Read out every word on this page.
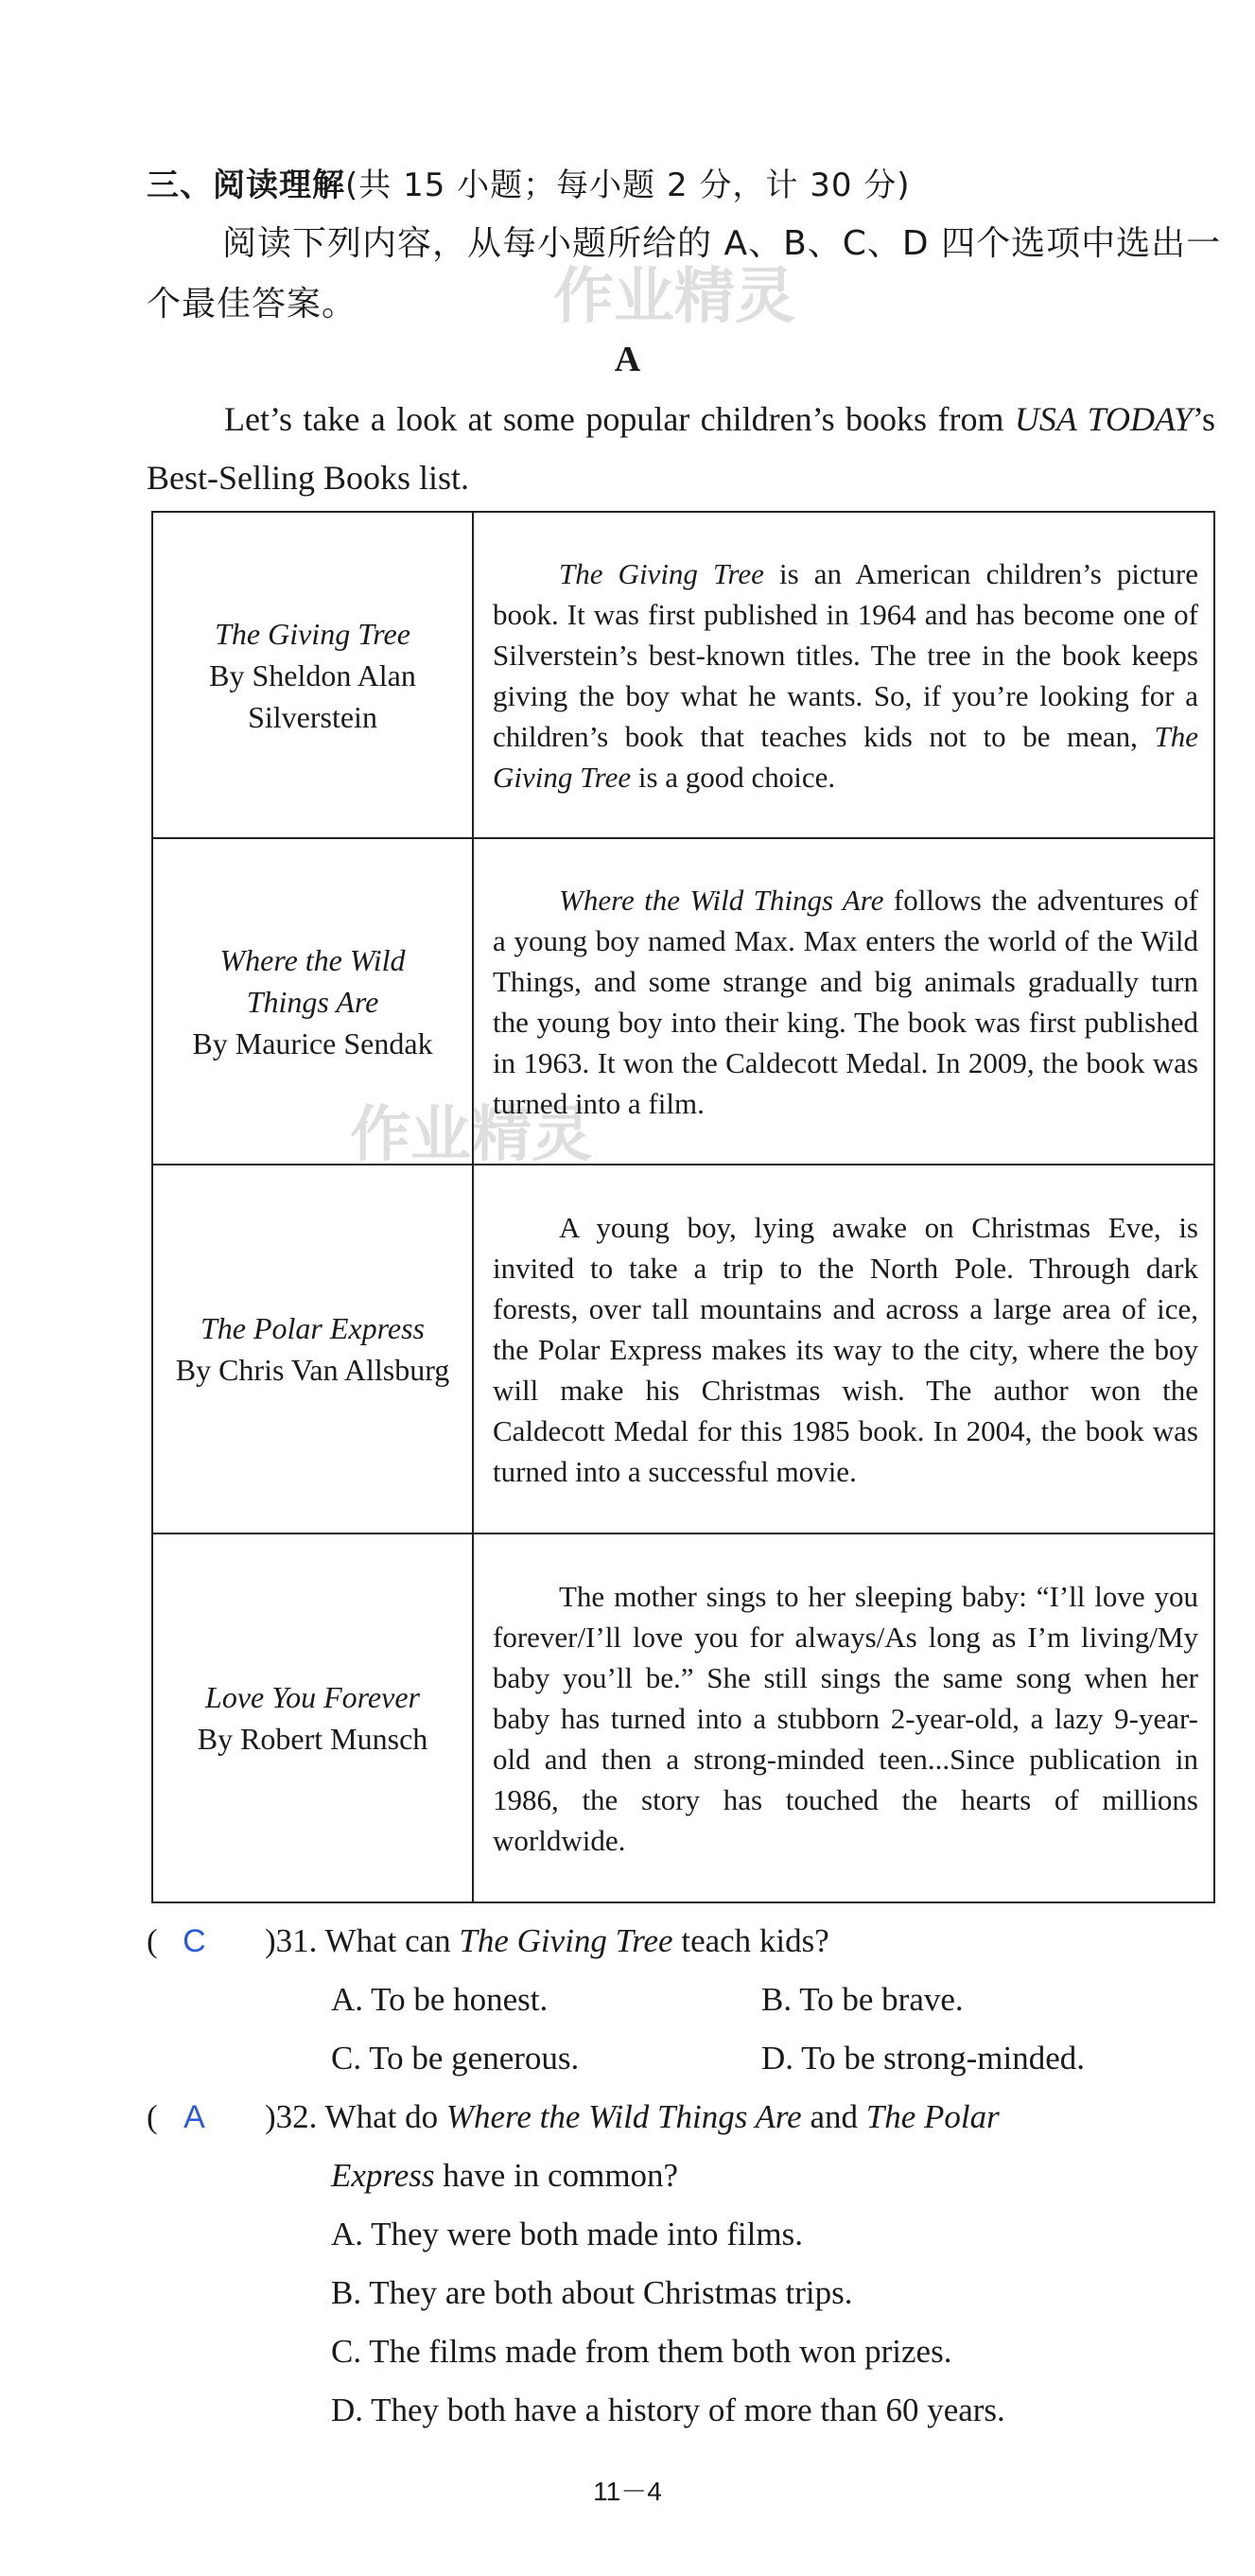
作业精灵
作业精灵
三、阅读理解(共 15 小题；每小题 2 分，计 30 分)
阅读下列内容，从每小题所给的 A、B、C、D 四个选项中选出一个最佳答案。
A
Let’s take a look at some popular children’s books from USA TODAY’s Best-Selling Books list.
The Giving Tree
By Sheldon Alan Silverstein	The Giving Tree is an American children’s picture book. It was first published in 1964 and has become one of Silverstein’s best-known titles. The tree in the book keeps giving the boy what he wants. So, if you’re looking for a children’s book that teaches kids not to be mean, The Giving Tree is a good choice.

Where the Wild Things Are
By Maurice Sendak	Where the Wild Things Are follows the adventures of a young boy named Max. Max enters the world of the Wild Things, and some strange and big animals gradually turn the young boy into their king. The book was first published in 1963. It won the Caldecott Medal. In 2009, the book was turned into a film.

The Polar Express
By Chris Van Allsburg	A young boy, lying awake on Christmas Eve, is invited to take a trip to the North Pole. Through dark forests, over tall mountains and across a large area of ice, the Polar Express makes its way to the city, where the boy will make his Christmas wish. The author won the Caldecott Medal for this 1985 book. In 2004, the book was turned into a successful movie.

Love You Forever
By Robert Munsch	The mother sings to her sleeping baby: “I’ll love you forever/I’ll love you for always/As long as I’m living/My baby you’ll be.” She still sings the same song when her baby has turned into a stubborn 2-year-old, a lazy 9-year-old and then a strong-minded teen...Since publication in 1986, the story has touched the hearts of millions worldwide.
( C )31. What can The Giving Tree teach kids?
A. To be honest.	B. To be brave.
C. To be generous.	D. To be strong-minded.
( A )32. What do Where the Wild Things Are and The Polar
Express have in common?
A. They were both made into films.
B. They are both about Christmas trips.
C. The films made from them both won prizes.
D. They both have a history of more than 60 years.
11－4
